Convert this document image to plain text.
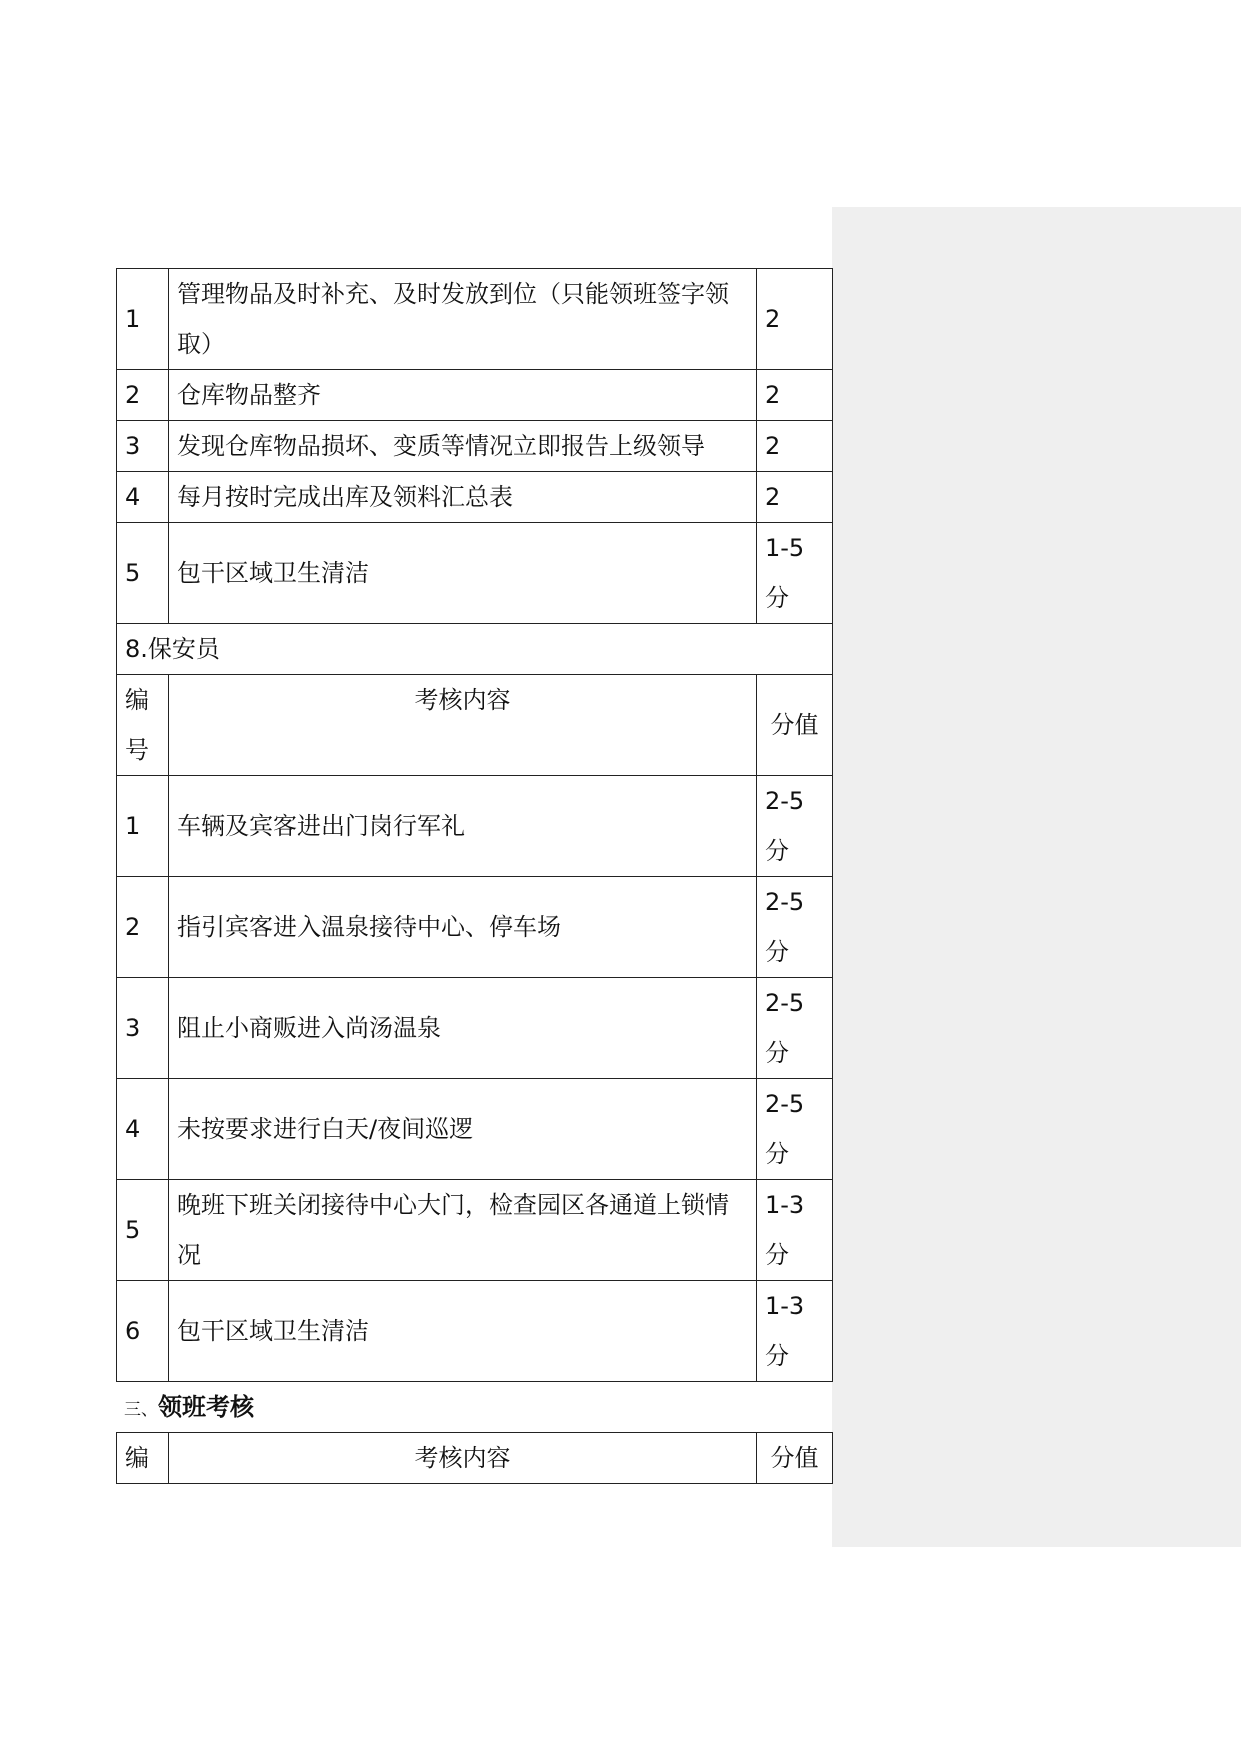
1	管理物品及时补充、及时发放到位（只能领班签字领取）	2
2	仓库物品整齐	2
3	发现仓库物品损坏、变质等情况立即报告上级领导	2
4	每月按时完成出库及领料汇总表	2
5	包干区域卫生清洁	1-5分
8.保安员		
编号	考核内容	分值
1	车辆及宾客进出门岗行军礼	2-5分
2	指引宾客进入温泉接待中心、停车场	2-5分
3	阻止小商贩进入尚汤温泉	2-5分
4	未按要求进行白天/夜间巡逻	2-5分
5	晚班下班关闭接待中心大门，检查园区各通道上锁情况	1-3分
6	包干区域卫生清洁	1-3分
三、领班考核
编	考核内容	分值
